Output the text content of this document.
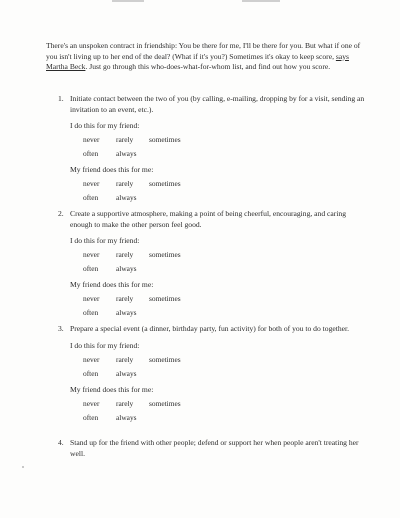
There's an unspoken contract in friendship: You be there for me, I'll be there for you. But what if one of you isn't living up to her end of the deal? (What if it's you?) Sometimes it's okay to keep score, says Martha Beck. Just go through this who-does-what-for-whom list, and find out how you score.

1. Initiate contact between the two of you (by calling, e-mailing, dropping by for a visit, sending an invitation to an event, etc.).

I do this for my friend:

never	rarely	sometimes
often	always

My friend does this for me:

never	rarely	sometimes
often	always
2. Create a supportive atmosphere, making a point of being cheerful, encouraging, and caring enough to make the other person feel good.

I do this for my friend:

never	rarely	sometimes
often	always

My friend does this for me:

never	rarely	sometimes
often	always
3. Prepare a special event (a dinner, birthday party, fun activity) for both of you to do together.

I do this for my friend:

never	rarely	sometimes
often	always

My friend does this for me:

never	rarely	sometimes
often	always
4. Stand up for the friend with other people; defend or support her when people aren't treating her well.
